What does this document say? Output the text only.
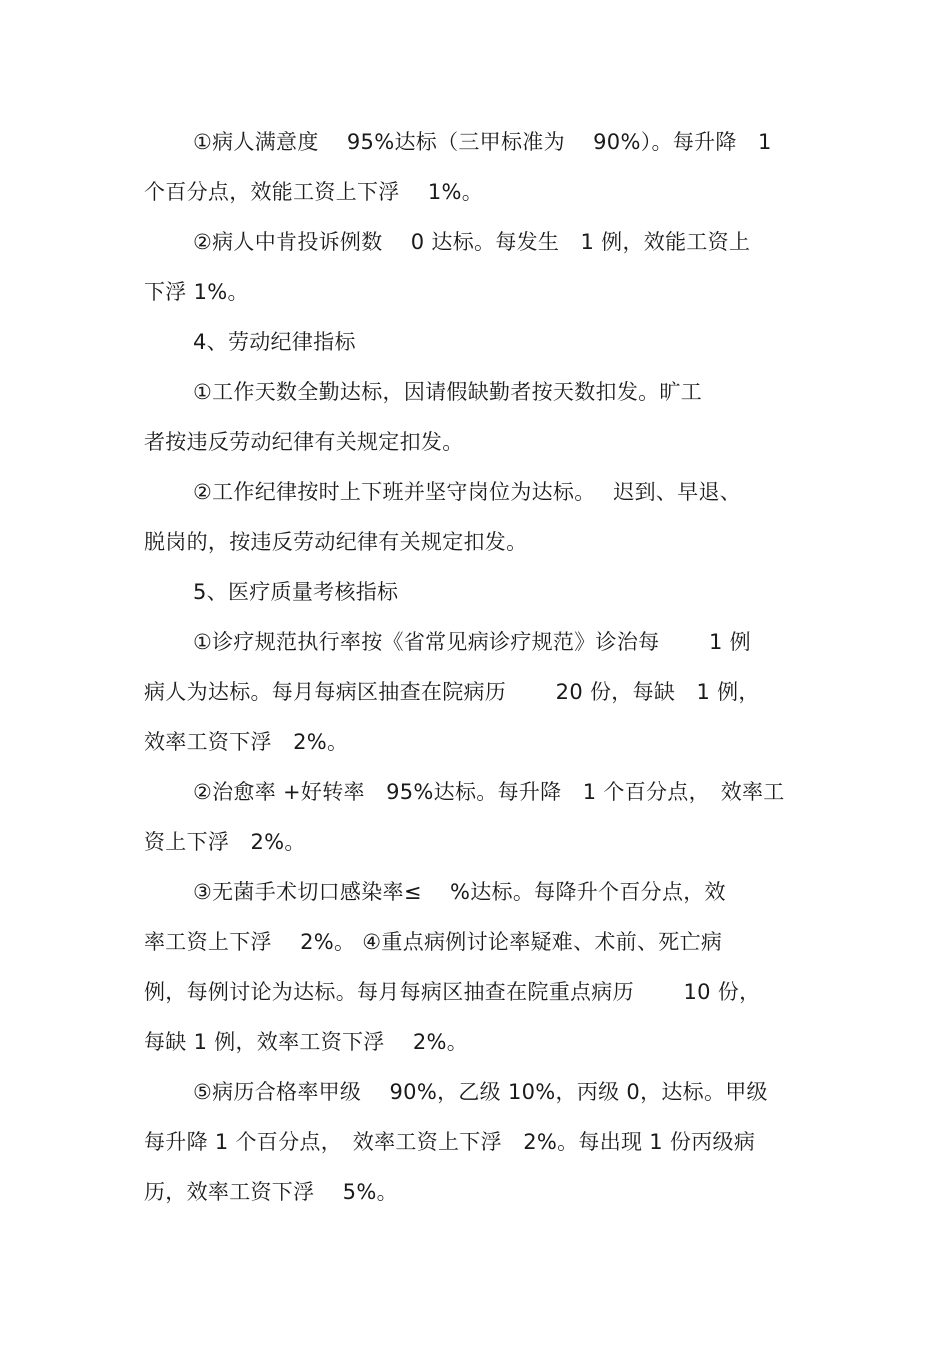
①病人满意度　 95%达标（三甲标准为　 90%）。每升降　1
个百分点，效能工资上下浮　 1%。
②病人中肯投诉例数　 0 达标。每发生　1 例，效能工资上
下浮 1%。
4、劳动纪律指标
①工作天数全勤达标，因请假缺勤者按天数扣发。旷工
者按违反劳动纪律有关规定扣发。
②工作纪律按时上下班并坚守岗位为达标。　 迟到、早退、
脱岗的，按违反劳动纪律有关规定扣发。
5、医疗质量考核指标
①诊疗规范执行率按《省常见病诊疗规范》诊治每　　 1 例
病人为达标。每月每病区抽查在院病历　　 20 份，每缺　1 例，
效率工资下浮　2%。
②治愈率 +好转率　95%达标。每升降　1 个百分点，　效率工
资上下浮　2%。
③无菌手术切口感染率≤　 %达标。每降升个百分点，效
率工资上下浮　 2%。 ④重点病例讨论率疑难、术前、死亡病
例，每例讨论为达标。每月每病区抽查在院重点病历　　 10 份，
每缺 1 例，效率工资下浮　 2%。
⑤病历合格率甲级　 90%，乙级 10%，丙级 0，达标。甲级
每升降 1 个百分点，　效率工资上下浮　2%。每出现 1 份丙级病
历，效率工资下浮　 5%。
